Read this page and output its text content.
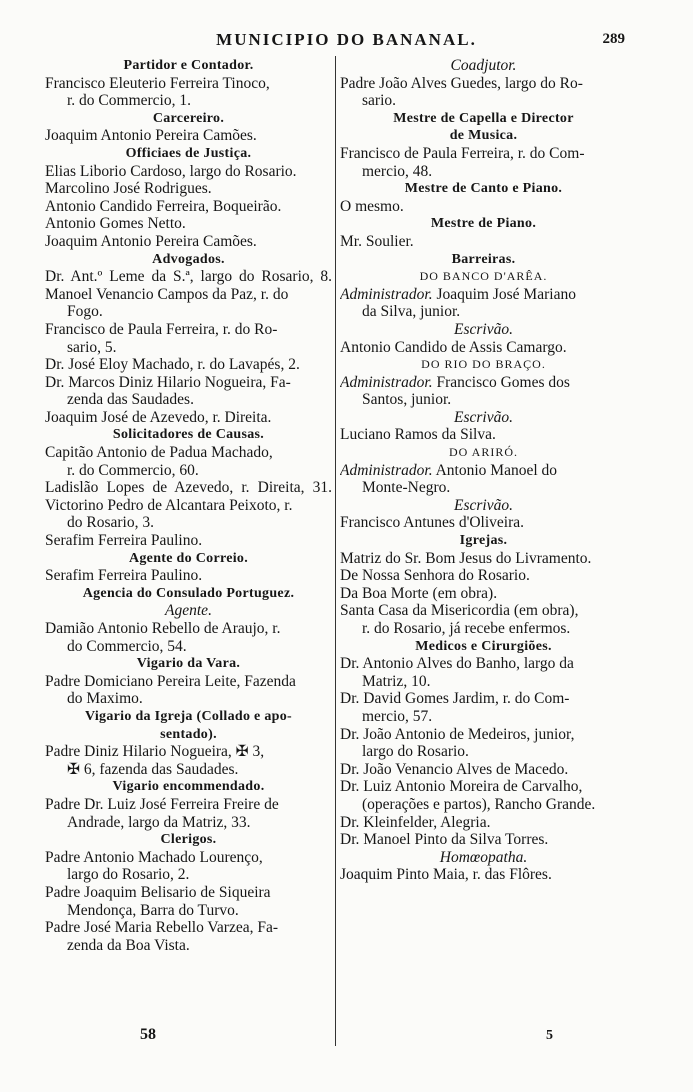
MUNICIPIO DO BANANAL.	289
Partidor e Contador.
Francisco Eleuterio Ferreira Tinoco,
r. do Commercio, 1.
Carcereiro.
Joaquim Antonio Pereira Camões.
Officiaes de Justiça.
Elias Liborio Cardoso, largo do Rosario.
Marcolino José Rodrigues.
Antonio Candido Ferreira, Boqueirão.
Antonio Gomes Netto.
Joaquim Antonio Pereira Camões.
Advogados.
Dr. Ant.º Leme da S.ª, largo do Rosario, 8.
Manoel Venancio Campos da Paz, r. do
Fogo.
Francisco de Paula Ferreira, r. do Ro-
sario, 5.
Dr. José Eloy Machado, r. do Lavapés, 2.
Dr. Marcos Diniz Hilario Nogueira, Fa-
zenda das Saudades.
Joaquim José de Azevedo, r. Direita.
Solicitadores de Causas.
Capitão Antonio de Padua Machado,
r. do Commercio, 60.
Ladislão Lopes de Azevedo, r. Direita, 31.
Victorino Pedro de Alcantara Peixoto, r.
do Rosario, 3.
Serafim Ferreira Paulino.
Agente do Correio.
Serafim Ferreira Paulino.
Agencia do Consulado Portuguez.
Agente.
Damião Antonio Rebello de Araujo, r.
do Commercio, 54.
Vigario da Vara.
Padre Domiciano Pereira Leite, Fazenda
do Maximo.
Vigario da Igreja (Collado e apo-
sentado).
Padre Diniz Hilario Nogueira, ✠ 3,
✠ 6, fazenda das Saudades.
Vigario encommendado.
Padre Dr. Luiz José Ferreira Freire de
Andrade, largo da Matriz, 33.
Clerigos.
Padre Antonio Machado Lourenço,
largo do Rosario, 2.
Padre Joaquim Belisario de Siqueira
Mendonça, Barra do Turvo.
Padre José Maria Rebello Varzea, Fa-
zenda da Boa Vista.
Coadjutor.
Padre João Alves Guedes, largo do Ro-
sario.
Mestre de Capella e Director
de Musica.
Francisco de Paula Ferreira, r. do Com-
mercio, 48.
Mestre de Canto e Piano.
O mesmo.
Mestre de Piano.
Mr. Soulier.
Barreiras.
DO BANCO D'ARÊA.
Administrador. Joaquim José Mariano
da Silva, junior.
Escrivão.
Antonio Candido de Assis Camargo.
DO RIO DO BRAÇO.
Administrador. Francisco Gomes dos
Santos, junior.
Escrivão.
Luciano Ramos da Silva.
DO ARIRÓ.
Administrador. Antonio Manoel do
Monte-Negro.
Escrivão.
Francisco Antunes d'Oliveira.
Igrejas.
Matriz do Sr. Bom Jesus do Livramento.
De Nossa Senhora do Rosario.
Da Boa Morte (em obra).
Santa Casa da Misericordia (em obra),
r. do Rosario, já recebe enfermos.
Medicos e Cirurgiões.
Dr. Antonio Alves do Banho, largo da
Matriz, 10.
Dr. David Gomes Jardim, r. do Com-
mercio, 57.
Dr. João Antonio de Medeiros, junior,
largo do Rosario.
Dr. João Venancio Alves de Macedo.
Dr. Luiz Antonio Moreira de Carvalho,
(operações e partos), Rancho Grande.
Dr. Kleinfelder, Alegria.
Dr. Manoel Pinto da Silva Torres.
Homœopatha.
Joaquim Pinto Maia, r. das Flôres.
58	5
